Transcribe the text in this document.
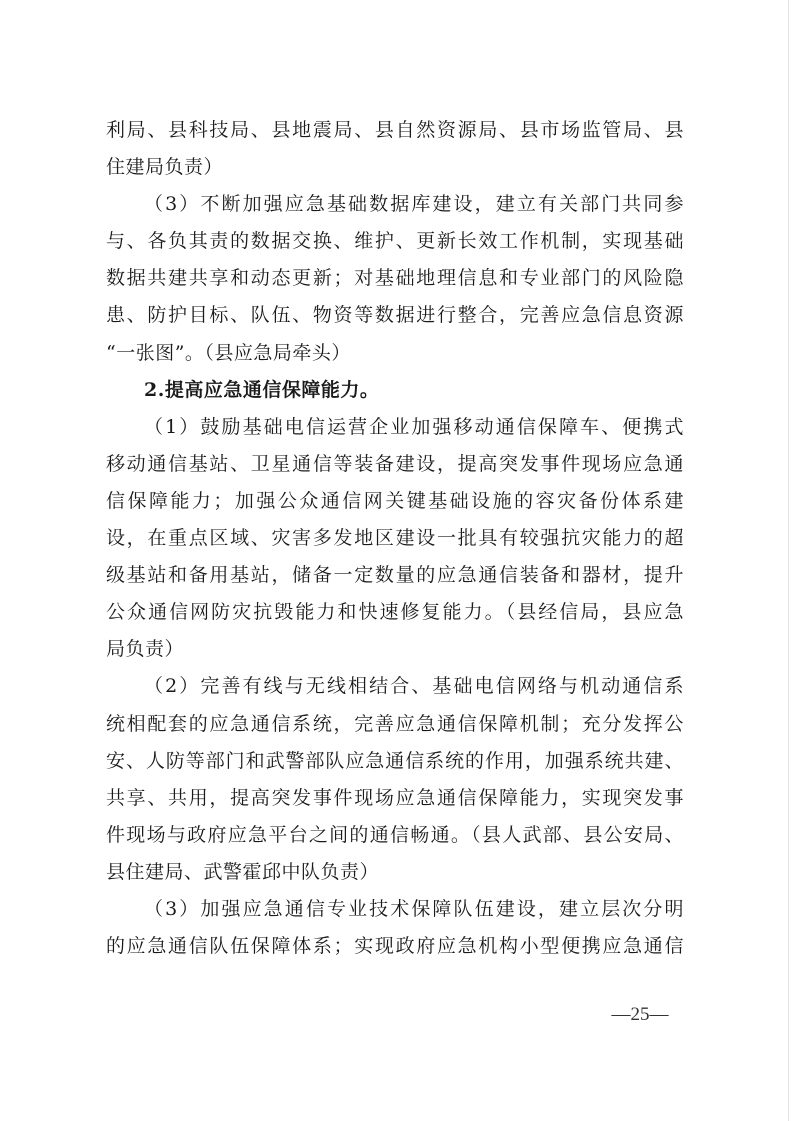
利局、县科技局、县地震局、县自然资源局、县市场监管局、县
住建局负责）
（3）不断加强应急基础数据库建设，建立有关部门共同参
与、各负其责的数据交换、维护、更新长效工作机制，实现基础
数据共建共享和动态更新；对基础地理信息和专业部门的风险隐
患、防护目标、队伍、物资等数据进行整合，完善应急信息资源
“一张图”。（县应急局牵头）
2.提高应急通信保障能力。
（1）鼓励基础电信运营企业加强移动通信保障车、便携式
移动通信基站、卫星通信等装备建设，提高突发事件现场应急通
信保障能力；加强公众通信网关键基础设施的容灾备份体系建
设，在重点区域、灾害多发地区建设一批具有较强抗灾能力的超
级基站和备用基站，储备一定数量的应急通信装备和器材，提升
公众通信网防灾抗毁能力和快速修复能力。（县经信局，县应急
局负责）
（2）完善有线与无线相结合、基础电信网络与机动通信系
统相配套的应急通信系统，完善应急通信保障机制；充分发挥公
安、人防等部门和武警部队应急通信系统的作用，加强系统共建、
共享、共用，提高突发事件现场应急通信保障能力，实现突发事
件现场与政府应急平台之间的通信畅通。（县人武部、县公安局、
县住建局、武警霍邱中队负责）
（3）加强应急通信专业技术保障队伍建设，建立层次分明
的应急通信队伍保障体系；实现政府应急机构小型便携应急通信
—25—
